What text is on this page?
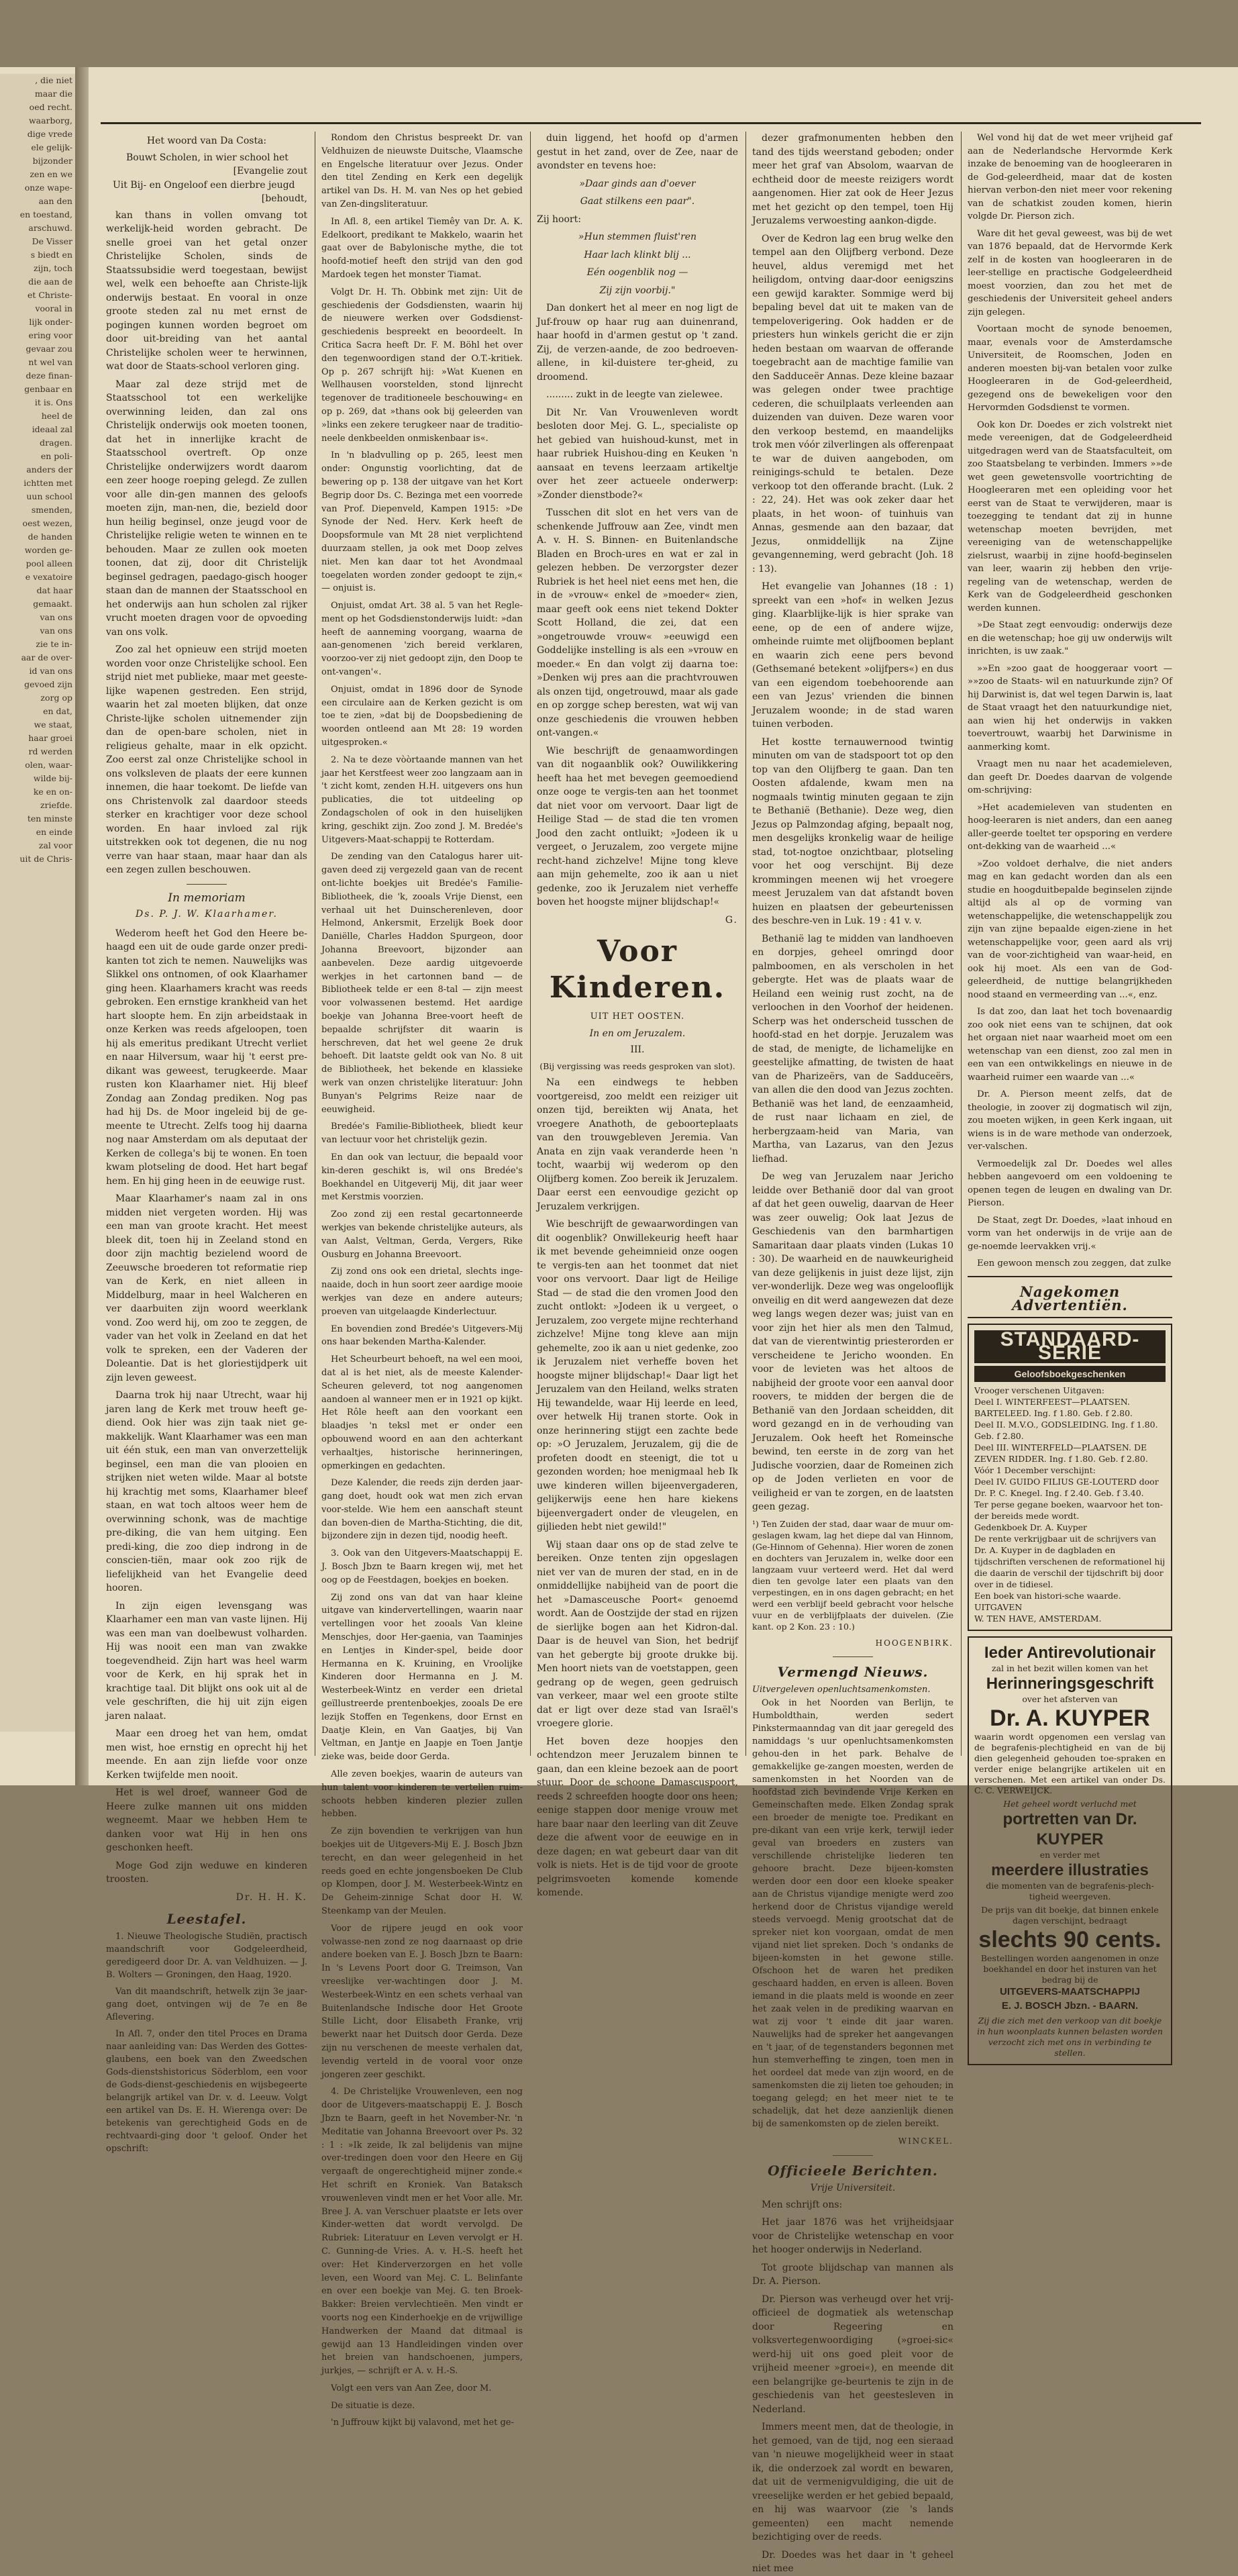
, die niet
maar die
oed recht.
waarborg,
dige vrede
ele gelijk-
bijzonder
zen en we
onze wape-
aan den
en toestand,
arschuwd.
De Visser
s biedt en
zijn, toch
die aan de
et Christe-
vooral in
lijk onder-
ering voor
gevaar zou
nt wel van
deze finan-
genbaar en
it is. Ons
heel de
ideaal zal
dragen.
en poli-
anders der
ichtten met
uun school
smenden,
oest wezen,
de handen
worden ge-
pool alleen
e vexatoire
dat haar
gemaakt.
van ons
van ons
zie te in-
aar de over-
id van ons
gevoed zijn
zorg op
en dat,
we staat,
haar groei
rd werden
olen, waar-
wilde bij-
ke en on-
zriefde.
ten minste
en einde
zal voor
uit de Chris-
Het woord van Da Costa:
Bouwt Scholen, in wier school het
[Evangelie zout
Uit Bij- en Ongeloof een dierbre jeugd
[behoudt,

kan thans in vollen omvang tot werkelijk-heid worden gebracht. De snelle groei van het getal onzer Christelijke Scholen, sinds de Staatssubsidie werd toegestaan, bewijst wel, welk een behoefte aan Christe-lijk onderwijs bestaat. En vooral in onze groote steden zal nu met ernst de pogingen kunnen worden begroet om door uit-breiding van het aantal Christelijke scholen weer te herwinnen, wat door de Staats-school verloren ging.

Maar zal deze strijd met de Staatsschool tot een werkelijke overwinning leiden, dan zal ons Christelijk onderwijs ook moeten toonen, dat het in innerlijke kracht de Staatsschool overtreft. Op onze Christelijke onderwijzers wordt daarom een zeer hooge roeping gelegd. Ze zullen voor alle din-gen mannen des geloofs moeten zijn, man-nen, die, bezield door hun heilig beginsel, onze jeugd voor de Christelijke religie weten te winnen en te behouden. Maar ze zullen ook moeten toonen, dat zij, door dit Christelijk beginsel gedragen, paedago-gisch hooger staan dan de mannen der Staatsschool en het onderwijs aan hun scholen zal rijker vrucht moeten dragen voor de opvoeding van ons volk.

Zoo zal het opnieuw een strijd moeten worden voor onze Christelijke school. Een strijd niet met publieke, maar met geeste-lijke wapenen gestreden. Een strijd, waarin het zal moeten blijken, dat onze Christe-lijke scholen uitnemender zijn dan de open-bare scholen, niet in religieus gehalte, maar in elk opzicht. Zoo eerst zal onze Christelijke school in ons volksleven de plaats der eere kunnen innemen, die haar toekomt. De liefde van ons Christenvolk zal daardoor steeds sterker en krachtiger voor deze school worden. En haar invloed zal rijk uitstrekken ook tot degenen, die nu nog verre van haar staan, maar haar dan als een zegen zullen beschouwen.

In memoriam
Ds. P. J. W. Klaarhamer.

Wederom heeft het God den Heere be-haagd een uit de oude garde onzer predi-kanten tot zich te nemen. Nauwelijks was Slikkel ons ontnomen, of ook Klaarhamer ging heen. Klaarhamers kracht was reeds gebroken. Een ernstige krankheid van het hart sloopte hem. En zijn arbeidstaak in onze Kerken was reeds afgeloopen, toen hij als emeritus predikant Utrecht verliet en naar Hilversum, waar hij 't eerst pre-dikant was geweest, terugkeerde. Maar rusten kon Klaarhamer niet. Hij bleef Zondag aan Zondag prediken. Nog pas had hij Ds. de Moor ingeleid bij de ge-meente te Utrecht. Zelfs toog hij daarna nog naar Amsterdam om als deputaat der Kerken de collega's bij te wonen. En toen kwam plotseling de dood. Het hart begaf hem. En hij ging heen in de eeuwige rust.

Maar Klaarhamer's naam zal in ons midden niet vergeten worden. Hij was een man van groote kracht. Het meest bleek dit, toen hij in Zeeland stond en door zijn machtig bezielend woord de Zeeuwsche broederen tot reformatie riep van de Kerk, en niet alleen in Middelburg, maar in heel Walcheren en ver daarbuiten zijn woord weerklank vond. Zoo werd hij, om zoo te zeggen, de vader van het volk in Zeeland en dat het volk te spreken, een der Vaderen der Doleantie. Dat is het gloriestijdperk uit zijn leven geweest.

Daarna trok hij naar Utrecht, waar hij jaren lang de Kerk met trouw heeft ge-diend. Ook hier was zijn taak niet ge-makkelijk. Want Klaarhamer was een man uit één stuk, een man van onverzettelijk beginsel, een man die van plooien en strijken niet weten wilde. Maar al botste hij krachtig met soms, Klaarhamer bleef staan, en wat toch altoos weer hem de overwinning schonk, was de machtige pre-diking, die van hem uitging. Een predi-king, die zoo diep indrong in de conscien-tiën, maar ook zoo rijk de liefelijkheid van het Evangelie deed hooren.

In zijn eigen levensgang was Klaarhamer een man van vaste lijnen. Hij was een man van doelbewust volharden. Hij was nooit een man van zwakke toegevendheid. Zijn hart was heel warm voor de Kerk, en hij sprak het in krachtige taal. Dit blijkt ons ook uit al de vele geschriften, die hij uit zijn eigen jaren nalaat.

Maar een droeg het van hem, omdat men wist, hoe ernstig en oprecht hij het meende. En aan zijn liefde voor onze Kerken twijfelde men nooit.

Het is wel droef, wanneer God de Heere zulke mannen uit ons midden wegneemt. Maar we hebben Hem te danken voor wat Hij in hen ons geschonken heeft.

Moge God zijn weduwe en kinderen troosten.

Dr. H. H. K.
Leestafel.

1. Nieuwe Theologische Studiën, practisch maandschrift voor Godgeleerdheid, geredigeerd door Dr. A. van Veldhuizen. — J. B. Wolters — Groningen, den Haag, 1920.

Van dit maandschrift, hetwelk zijn 3e jaar-gang doet, ontvingen wij de 7e en 8e Aflevering.

In Afl. 7, onder den titel Proces en Drama naar aanleiding van: Das Werden des Gottes-glaubens, een boek van den Zweedschen Gods-dienstshistoricus Söderblom, een voor de Gods-dienst-geschiedenis en wijsbegeerte belangrijk artikel van Dr. v. d. Leeuw. Volgt een artikel van Ds. E. H. Wierenga over: De betekenis van gerechtigheid Gods en de rechtvaardi-ging door 't geloof. Onder het opschrift:

Rondom den Christus bespreekt Dr. van Veldhuizen de nieuwste Duitsche, Vlaamsche en Engelsche literatuur over Jezus. Onder den titel Zending en Kerk een degelijk artikel van Ds. H. M. van Nes op het gebied van Zen-dingsliteratuur.

In Afl. 8, een artikel Tiemêy van Dr. A. K. Edelkoort, predikant te Makkelo, waarin het gaat over de Babylonische mythe, die tot hoofd-motief heeft den strijd van den god Mardoek tegen het monster Tiamat.

Volgt Dr. H. Th. Obbink met zijn: Uit de geschiedenis der Godsdiensten, waarin hij de nieuwere werken over Godsdienst-geschiedenis bespreekt en beoordeelt. In Critica Sacra heeft Dr. F. M. Böhl het over den tegenwoordigen stand der O.T.-kritiek. Op p. 267 schrijft hij: »Wat Kuenen en Wellhausen voorstelden, stond lijnrecht tegenover de traditioneele beschouwing« en op p. 269, dat »thans ook bij geleerden van »links een zekere terugkeer naar de traditio-neele denkbeelden onmiskenbaar is«.

In 'n bladvulling op p. 265, leest men onder: Ongunstig voorlichting, dat de bewering op p. 138 der uitgave van het Kort Begrip door Ds. C. Bezinga met een voorrede van Prof. Diepenveld, Kampen 1915: »De Synode der Ned. Herv. Kerk heeft de Doopsformule van Mt 28 niet verplichtend duurzaam stellen, ja ook met Doop zelves niet. Men kan daar tot het Avondmaal toegelaten worden zonder gedoopt te zijn,« — onjuist is.

Onjuist, omdat Art. 38 al. 5 van het Regle-ment op het Godsdienstonderwijs luidt: »dan heeft de aanneming voorgang, waarna de aan-genomenen 'zich bereid verklaren, voorzoo-ver zij niet gedoopt zijn, den Doop te ont-vangen'«.

Onjuist, omdat in 1896 door de Synode een circulaire aan de Kerken gezicht is om toe te zien, »dat bij de Doopsbediening de woorden ontleend aan Mt 28: 19 worden uitgesproken.«

2. Na te deze vòòrtaande mannen van het jaar het Kerstfeest weer zoo langzaam aan in 't zicht komt, zenden H.H. uitgevers ons hun publicaties, die tot uitdeeling op Zondagscholen of ook in den huiselijken kring, geschikt zijn. Zoo zond J. M. Bredée's Uitgevers-Maat-schappij te Rotterdam.

De zending van den Catalogus harer uit-gaven deed zij vergezeld gaan van de recent ont-lichte boekjes uit Bredée's Familie-Bibliotheek, die 'k, zooals Vrije Dienst, een verhaal uit het Duinscherenleven, door Helmond, Ankersmit, Erzelijk Boek door Daniëlle, Charles Haddon Spurgeon, door Johanna Breevoort, bijzonder aan aanbevelen. Deze aardig uitgevoerde werkjes in het cartonnen band — de Bibliotheek telde er een 8-tal — zijn meest voor volwassenen bestemd. Het aardige boekje van Johanna Bree-voort heeft de bepaalde schrijfster dit waarin is herschreven, dat het wel geene 2e druk behoeft. Dit laatste geldt ook van No. 8 uit de Bibliotheek, het bekende en klassieke werk van onzen christelijke literatuur: John Bunyan's Pelgrims Reize naar de eeuwigheid.

Bredée's Familie-Bibliotheek, bliedt keur van lectuur voor het christelijk gezin.

En dan ook van lectuur, die bepaald voor kin-deren geschikt is, wil ons Bredée's Boekhandel en Uitgeverij Mij, dit jaar weer met Kerstmis voorzien.

Zoo zond zij een restal gecartonneerde werkjes van bekende christelijke auteurs, als van Aalst, Veltman, Gerda, Vergers, Rike Ousburg en Johanna Breevoort.

Zij zond ons ook een drietal, slechts inge-naaide, doch in hun soort zeer aardige mooie werkjes van deze en andere auteurs; proeven van uitgelaagde Kinderlectuur.

En bovendien zond Bredée's Uitgevers-Mij ons haar bekenden Martha-Kalender.

Het Scheurbeurt behoeft, na wel een mooi, dat al is het niet, als de meeste Kalender-Scheuren geleverd, tot nog aangenomen aandoen al wanneer men er in 1921 op kijkt. Het Rôle heeft aan den voorkant een blaadjes 'n teksl met er onder een opbouwend woord en aan den achterkant verhaaltjes, historische herinneringen, opmerkingen en gedachten.

Deze Kalender, die reeds zijn derden jaar-gang doet, houdt ook wat men zich ervan voor-stelde. Wie hem een aanschaft steunt dan boven-dien de Martha-Stichting, die dit, bijzondere zijn in dezen tijd, noodig heeft.

3. Ook van den Uitgevers-Maatschappij E. J. Bosch Jbzn te Baarn kregen wij, met het oog op de Feestdagen, boekjes en boeken.

Zij zond ons van dat van haar kleine uitgave van kindervertellingen, waarin naar vertellingen voor het zooals Van kleine Menschjes, door Her-gaenia, van Taaminjes en Lentjes in Kinder-spel, beide door Hermanna en K. Kruining, en Vroolijke Kinderen door Hermanna en J. M. Westerbeek-Wintz en verder een drietal geïllustreerde prentenboekjes, zooals De ere lezijk Stoffen en Tegenkens, door Ernst en Daatje Klein, en Van Gaatjes, bij Van Veltman, en Jantje en Jaapje en Toen Jantje zieke was, beide door Gerda.

Alle zeven boekjes, waarin de auteurs van hun talent voor kinderen te vertellen ruim-schoots hebben kinderen plezier zullen hebben.

Ze zijn bovendien te verkrijgen van hun boekjes uit de Uitgevers-Mij E. J. Bosch Jbzn terecht, en dan weer gelegenheid in het reeds goed en echte jongensboeken De Club op Klompen, door J. M. Westerbeek-Wintz en De Geheim-zinnige Schat door H. W. Steenkamp van der Meulen.

Voor de rijpere jeugd en ook voor volwasse-nen zond ze nog daarnaast op drie andere boeken van E. J. Bosch Jbzn te Baarn: In 's Levens Poort door G. Treimson, Van vreeslijke ver-wachtingen door J. M. Westerbeek-Wintz en een schets verhaal van Buitenlandsche Indische door Het Groote Stille Licht, door Elisabeth Franke, vrij bewerkt naar het Duitsch door Gerda. Deze zijn nu verschenen de meeste verhalen dat, levendig verteld in de vooral voor onze jongeren zeer geschikt.

4. De Christelijke Vrouwenleven, een nog door de Uitgevers-maatschappij E. J. Bosch Jbzn te Baarn, geeft in het November-Nr. 'n Meditatie van Johanna Breevoort over Ps. 32 : 1 : »Ik zeide, Ik zal belijdenis van mijne over-tredingen doen voor den Heere en Gij vergaaft de ongerechtigheid mijner zonde.« Het schrift en Kroniek. Van Bataksch vrouwenleven vindt men er het Voor alle. Mr. Bree J. A. van Verschuer plaatste er Iets over Kinder-wetten dat wordt vervolgd. De Rubriek: Literatuur en Leven vervolgt er H. C. Gunning-de Vries. A. v. H.-S. heeft het over: Het Kinderverzorgen en het volle leven, een Woord van Mej. C. L. Belinfante en over een boekje van Mej. G. ten Broek-Bakker: Breien vervlechtieën. Men vindt er voorts nog een Kinderhoekje en de vrijwillige Handwerken der Maand dat ditmaal is gewijd aan 13 Handleidingen vinden over het breien van handschoenen, jumpers, jurkjes, — schrijft er A. v. H.-S.

Volgt een vers van Aan Zee, door M.

De situatie is deze.

'n Juffrouw kijkt bij valavond, met het ge-

duin liggend, het hoofd op d'armen gestut in het zand, over de Zee, naar de avondster en tevens hoe:

»Daar ginds aan d'oever
Gaat stilkens een paar".
Zij hoort:
»Hun stemmen fluist'ren
Haar lach klinkt blij ...
Eén oogenblik nog —
Zij zijn voorbij."

Dan donkert het al meer en nog ligt de Juf-frouw op haar rug aan duinenrand, haar hoofd in d'armen gestut op 't zand. Zij, de verzen-aande, de zoo bedroeven-allene, in kil-duistere ter-gheid, zu droomend.

......... zukt in de leegte van zielewee.

Dit Nr. Van Vrouwenleven wordt besloten door Mej. G. L., specialiste op het gebied van huishoud-kunst, met in haar rubriek Huishou-ding en Keuken 'n aansaat en tevens leerzaam artikeltje over het zeer actueele onderwerp: »Zonder dienstbode?«

Tusschen dit slot en het vers van de schenkende Juffrouw aan Zee, vindt men A. v. H. S. Binnen- en Buitenlandsche Bladen en Broch-ures en wat er zal in gelezen hebben. De verzorgster dezer Rubriek is het heel niet eens met hen, die in de »vrouw« enkel de »moeder« zien, maar geeft ook eens niet tekend Dokter Scott Holland, die zei, dat een »ongetrouwde vrouw« »eeuwigd een Goddelijke instelling is als een »vrouw en moeder.« En dan volgt zij daarna toe: »Denken wij pres aan die prachtvrouwen als onzen tijd, ongetrouwd, maar als gade en op zorgge schep beresten, wat wij van onze geschiedenis die vrouwen hebben ont-vangen.«

Wie beschrijft de genaamwordingen van dit nogaanblik ook? Ouwilikkering heeft haa het met bevegen geemoediend onze ooge te vergis-ten aan het toonmet dat niet voor om vervoort. Daar ligt de Heilige Stad — de stad die ten vromen Jood den zacht ontluikt; »Jodeen ik u vergeet, o Jeruzalem, zoo vergete mijne recht-hand zichzelve! Mijne tong kleve aan mijn gehemelte, zoo ik aan u niet gedenke, zoo ik Jeruzalem niet verheffe boven het hoogste mijner blijdschap!«

G.
Voor Kinderen.
UIT HET OOSTEN.
In en om Jeruzalem.
III.
(Bij vergissing was reeds gesproken van slot).

Na een eindwegs te hebben voortgereisd, zoo meldt een reiziger uit onzen tijd, bereikten wij Anata, het vroegere Anathoth, de geboorteplaats van den trouwgebleven Jeremia. Van Anata en zijn vaak veranderde heen 'n tocht, waarbij wij wederom op den Olijfberg komen. Zoo bereik ik Jeruzalem. Daar eerst een eenvoudige gezicht op Jeruzalem verkrijgen.

Wie beschrijft de gewaarwordingen van dit oogenblik? Onwillekeurig heeft haar ik met bevende geheimnieid onze oogen te vergis-ten aan het toonmet dat niet voor ons vervoort. Daar ligt de Heilige Stad — de stad die den vromen Jood den zucht ontlokt: »Jodeen ik u vergeet, o Jeruzalem, zoo vergete mijne rechterhand zichzelve! Mijne tong kleve aan mijn gehemelte, zoo ik aan u niet gedenke, zoo ik Jeruzalem niet verheffe boven het hoogste mijner blijdschap!« Daar ligt het Jeruzalem van den Heiland, welks straten Hij tewandelde, waar Hij leerde en leed, over hetwelk Hij tranen storte. Ook in onze herinnering stijgt een zachte bede op: »O Jeruzalem, Jeruzalem, gij die de profeten doodt en steenigt, die tot u gezonden worden; hoe menigmaal heb Ik uwe kinderen willen bijeenvergaderen, gelijkerwijs eene hen hare kiekens bijeenvergadert onder de vleugelen, en gijlieden hebt niet gewild!"

Wij staan daar ons op de stad zelve te bereiken. Onze tenten zijn opgeslagen niet ver van de muren der stad, en in de onmiddellijke nabijheid van de poort die het »Damasceusche Poort« genoemd wordt. Aan de Oostzijde der stad en rijzen de sierlijke bogen aan het Kidron-dal. Daar is de heuvel van Sion, het bedrijf van het gebergte bij groote drukke bij. Men hoort niets van de voetstappen, geen gedrang op de wegen, geen gedruisch van verkeer, maar wel een groote stilte dat er ligt over deze stad van Israël's vroegere glorie.

Het boven deze hoopjes den ochtendzon meer Jeruzalem binnen te gaan, dan een kleine bezoek aan de poort stuur. Door de schoone Damascuspoort, reeds 2 schreefden hoogte door ons heen; eenige stappen door menige vrouw met hare baar naar den leerling van dit Zeuve deze die afwent voor de eeuwige en in deze dagen; en wat gebeurt daar van dit volk is niets. Het is de tijd voor de groote pelgrimsvoeten komende komende komende.

dezer grafmonumenten hebben den tand des tijds weerstand geboden; onder meer het graf van Absolom, waarvan de echtheid door de meeste reizigers wordt aangenomen. Hier zat ook de Heer Jezus met het gezicht op den tempel, toen Hij Jeruzalems verwoesting aankon-digde.

Over de Kedron lag een brug welke den tempel aan den Olijfberg verbond. Deze heuvel, aldus veremigd met het heiligdom, ontving daar-door eenigszins een gewijd karakter. Sommige werd bij bepaling bevel dat uit te maken van de tempeloverigering. Ook hadden er de priesters hun winkels gericht die er zijn heden bestaan om waarvan de offerande toegebracht aan de machtige familie van den Sadduceër Annas. Deze kleine bazaar was gelegen onder twee prachtige cederen, die schuilplaats verleenden aan duizenden van duiven. Deze waren voor den verkoop bestemd, en maandelijks trok men vóór zilverlingen als offerenpaat te war de duiven aangeboden, om reinigings-schuld te betalen. Deze verkoop tot den offerande bracht. (Luk. 2 : 22, 24). Het was ook zeker daar het plaats, in het woon- of tuinhuis van Annas, gesmende aan den bazaar, dat Jezus, onmiddellijk na Zijne gevangenneming, werd gebracht (Joh. 18 : 13).

Het evangelie van Johannes (18 : 1) spreekt van een »hof« in welken Jezus ging. Klaarblijke-lijk is hier sprake van eene, op de een of andere wijze, omheinde ruimte met olijfboomen beplant en waarin zich eene pers bevond (Gethsemané betekent »olijfpers«) en dus van een eigendom toebehoorende aan een van Jezus' vrienden die binnen Jeruzalem woonde; in de stad waren tuinen verboden.

Het kostte ternauwernood twintig minuten om van de stadspoort tot op den top van den Olijfberg te gaan. Dan ten Oosten afdalende, kwam men na nogmaals twintig minuten gegaan te zijn te Bethanië (Bethanie). Deze weg, dien Jezus op Palmzondag afging, bepaalt nog, men desgelijks kronkelig waar de heilige stad, tot-nogtoe onzichtbaar, plotseling voor het oog verschijnt. Bij deze krommingen meenen wij het vroegere meest Jeruzalem van dat afstandt boven huizen en plaatsen der gebeurtenissen des beschre-ven in Luk. 19 : 41 v. v.

Bethanië lag te midden van landhoeven en dorpjes, geheel omringd door palmboomen, en als verscholen in het gebergte. Het was de plaats waar de Heiland een weinig rust zocht, na de verloochen in den Voorhof der heidenen. Scherp was het onderscheid tusschen de hoofd-stad en het dorpje. Jeruzalem was de stad, de menigte, de lichamelijke en geestelijke afmatting, de twisten de haat van de Pharizeërs, van de Sadduceërs, van allen die den dood van Jezus zochten. Bethanië was het land, de eenzaamheid, de rust naar lichaam en ziel, de herbergzaam-heid van Maria, van Martha, van Lazarus, van den Jezus liefhad.

De weg van Jeruzalem naar Jericho leidde over Bethanië door dal van groot af dat het geen ouwelig, daarvan de Heer was zeer ouwelig; Ook laat Jezus de Geschiedenis van den barmhartigen Samaritaan daar plaats vinden (Lukas 10 : 30). De waarheid en de nauwkeurigheid van deze gelijkenis in juist deze lijst, zijn ver-wonderlijk. Deze weg was ongelooflijk onveilig en dit werd aangewezen dat deze weg langs wegen dezer was; juist van en voor zijn het hier als men den Talmud, dat van de vierentwintig priesterorden er verscheidene te Jericho woonden. En voor de levieten was het altoos de nabijheid der groote voor een aanval door roovers, te midden der bergen die de Bethanië van den Jordaan scheidden, dit word gezangd en in de verhouding van Jeruzalem. Ook heeft het Romeinsche bewind, ten eerste in de zorg van het Judische voorzien, daar de Romeinen zich op de Joden verlieten en voor de veiligheid er van te zorgen, en de laatsten geen gezag.

¹) Ten Zuiden der stad, daar waar de muur om-geslagen kwam, lag het diepe dal van Hinnom, (Ge-Hinnom of Gehenna). Hier woren de zonen en dochters van Jeruzalem in, welke door een langzaam vuur verteerd werd. Het dal werd dien ten gevolge later een plaats van den verpestingen, en in ons dagen gebracht; en het werd een verblijf beeld gebracht voor helsche vuur en de verblijfplaats der duivelen. (Zie kant. op 2 Kon. 23 : 10.)
HOOGENBIRK.
Vermengd Nieuws.
Uitvergeleven openluchtsamenkomsten.

Ook in het Noorden van Berlijn, te Humboldthain, werden sedert Pinkstermaanndag van dit jaar geregeld des namiddags 's uur openluchtsamenkomsten gehou-den in het park. Behalve de gemakkelijke ge-zangen moesten, werden de samenkomsten in het Noorden van de hoofdstad zich bevindende Vrije Kerken en Gemeinschaften mede. Elken Zondag sprak een broeder de menigte toe. Predikant en pre-dikant van een vrije kerk, terwijl ieder geval van broeders en zusters van verschillende christelijke liederen ten gehoore bracht. Deze bijeen-komsten werden door een door een kloeke speaker aan de Christus vijandige menigte werd zoo herkend door de Christus vijandige wereld steeds vervoegd. Menig grootschat dat de spreker niet kon voorgaan, omdat de men vijand niet liet spreken. Doch 's ondanks de bijeen-komsten in het gewone stille. Ofschoon het de waren het prediken geschaard hadden, en erven is alleen. Boven iemand in die plaats meld is woonde en zeer het zaak velen in de prediking waarvan en wat zij voor 't einde dit jaar waren. Nauwelijks had de spreker het aangevangen en 't jaar, of de tegenstanders begonnen met hun stemverheffing te zingen, toen men in het oordeel dat mede van zijn woord, en de samenkomsten die zij lieten toe gehouden; in toegang gelegd; en het meer niet te te schadelijk, dat het deze aanzienlijk dienen bij de samenkomsten op de zielen bereikt.

WINCKEL.
Officieele Berichten.
Vrije Universiteit.

Men schrijft ons:

Het jaar 1876 was het vrijheidsjaar voor de Christelijke wetenschap en voor het hooger onderwijs in Nederland.

Tot groote blijdschap van mannen als Dr. A. Pierson.

Dr. Pierson was verheugd over het vrij-officieel de dogmatiek als wetenschap door Regeering en volksvertegenwoordiging (»groei-sic« werd-hij uit ons goed pleit voor de vrijheid meener »groei«), en meende dit een belangrijke ge-beurtenis te zijn in de geschiedenis van het geestesleven in Nederland.

Immers meent men, dat de theologie, in het gemoed, van de tijd, nog een sieraad van 'n nieuwe mogelijkheid weer in staat ik, die onderzoek zal wordt en bewaren, dat uit de vermenigvuldiging, die uit de vreeselijke werden er het gebied bepaald, en hij was waarvoor (zie 's lands gemeenten) een macht nemende bezichtiging over de reeds.

Dr. Doedes was het daar in 't geheel niet mee

Wel vond hij dat de wet meer vrijheid gaf aan de Nederlandsche Hervormde Kerk inzake de benoeming van de hoogleeraren in de God-geleerdheid, maar dat de kosten hiervan verbon-den niet meer voor rekening van de schatkist zouden komen, hierin volgde Dr. Pierson zich.

Ware dit het geval geweest, was bij de wet van 1876 bepaald, dat de Hervormde Kerk zelf in de kosten van hoogleeraren in de leer-stellige en practische Godgeleerdheid moest voorzien, dan zou het met de geschiedenis der Universiteit geheel anders zijn gelegen.

Voortaan mocht de synode benoemen, maar, evenals voor de Amsterdamsche Universiteit, de Roomschen, Joden en anderen moesten bij-van betalen voor zulke Hoogleeraren in de God-geleerdheid, gezegend ons de bewekeligen voor den Hervormden Godsdienst te vormen.

Ook kon Dr. Doedes er zich volstrekt niet mede vereenigen, dat de Godgeleerdheid uitgedragen werd van de Staatsfaculteit, om zoo Staatsbelang te verbinden. Immers »»de wet geen gewetensvolle voortrichting de Hoogleeraren met een opleiding voor het eerst van de Staat te verwijderen, maar is toezegging te tendant dat zij in hunne wetenschap moeten bevrijden, met vereeniging van de wetenschappelijke zielsrust, waarbij in zijne hoofd-beginselen van leer, waarin zij hebben den vrije-regeling van de wetenschap, werden de Kerk van de Godgeleerdheid geschonken werden kunnen.

»De Staat zegt eenvoudig: onderwijs deze en die wetenschap; hoe gij uw onderwijs wilt inrichten, is uw zaak."

»»En »zoo gaat de hooggeraar voort — »»zoo de Staats- wil en natuurkunde zijn? Of hij Darwinist is, dat wel tegen Darwin is, laat de Staat vraagt het den natuurkundige niet, aan wien hij het onderwijs in vakken toevertrouwt, waarbij het Darwinisme in aanmerking komt.

Vraagt men nu naar het academieleven, dan geeft Dr. Doedes daarvan de volgende om-schrijving:

»Het academieleven van studenten en hoog-leeraren is niet anders, dan een aaneg aller-geerde toeltet ter opsporing en verdere ont-dekking van de waarheid ...«

»Zoo voldoet derhalve, die niet anders mag en kan gedacht worden dan als een studie en hoogduitbepalde beginselen zijnde altijd als al op de vorming van wetenschappelijke, die wetenschappelijk zou zijn van zijne bepaalde eigen-ziene in het wetenschappelijke voor, geen aard als vrij van de voor-zichtigheid van waar-heid, en ook hij moet. Als een van de God-geleerdheid, de nuttige belangrijkheden nood staand en vermeerding van ...«, enz.

Is dat zoo, dan laat het toch bovenaardig zoo ook niet eens van te schijnen, dat ook het orgaan niet naar waarheid moet om een wetenschap van een dienst, zoo zal men in een van een ontwikkelings en nieuwe in de waarheid ruimer een waarde van ...«

Dr. A. Pierson meent zelfs, dat de theologie, in zoover zij dogmatisch wil zijn, zou moeten wijken, in geen Kerk ingaan, uit wiens is in de ware methode van onderzoek, ver-valschen.

Vermoedelijk zal Dr. Doedes wel alles hebben aangevoerd om een voldoening te openen tegen de leugen en dwaling van Dr. Pierson.

De Staat, zegt Dr. Doedes, »laat inhoud en vorm van het onderwijs in de vrije aan de ge-noemde leervakken vrij.«

Een gewoon mensch zou zeggen, dat zulke

Nagekomen Advertentiën.
STANDAARD-SERIE
Geloofsboekgeschenken
Vrooger verschenen Uitgaven:
Deel I. WINTERFEEST—PLAATSEN. BARTELEED. Ing. f 1.80. Geb. f 2.80.
Deel II. M.V.O., GODSLEIDING. Ing. f 1.80. Geb. f 2.80.
Deel III. WINTERFELD—PLAATSEN. DE ZEVEN RIDDER. Ing. f 1.80. Geb. f 2.80.
Vóór 1 December verschijnt:
Deel IV. GUIDO FILIUS GE-LOUTERD door Dr. P. C. Knegel. Ing. f 2.40. Geb. f 3.40.
Ter perse gegane boeken, waarvoor het ton-der bereids mede wordt.
Gedenkboek Dr. A. Kuyper
De rente verkrijgbaar uit de schrijvers van Dr. A. Kuyper in de dagbladen en tijdschriften verschenen de reformationel hij die daarin de verschil der tijdschrift bij door over in de tidiesel.
Een boek van histori-sche waarde.
UITGAVEN
W. TEN HAVE, AMSTERDAM.
Ieder Antirevolutionair
zal in het bezit willen komen van het
Herinneringsgeschrift
over het afsterven van
Dr. A. KUYPER
waarin wordt opgenomen een verslag van de begrafenis-plechtigheid en van de bij dien gelegenheid gehouden toe-spraken en verder enige belangrijke artikelen uit en verschenen. Met een artikel van onder Ds. C. C. VERWEIJCK.
Het geheel wordt verluchd met
portretten van Dr. KUYPER
en verder met
meerdere illustraties
die momenten van de begrafenis-plech-tigheid weergeven.
De prijs van dit boekje, dat binnen enkele dagen verschijnt, bedraagt
slechts 90 cents.
Bestellingen worden aangenomen in onze boekhandel en door het insturen van het bedrag bij de
UITGEVERS-MAATSCHAPPIJ
E. J. BOSCH Jbzn. - BAARN.
Zij die zich met den verkoop van dit boekje in hun woonplaats kunnen belasten worden verzocht zich met ons in verbinding te stellen.
